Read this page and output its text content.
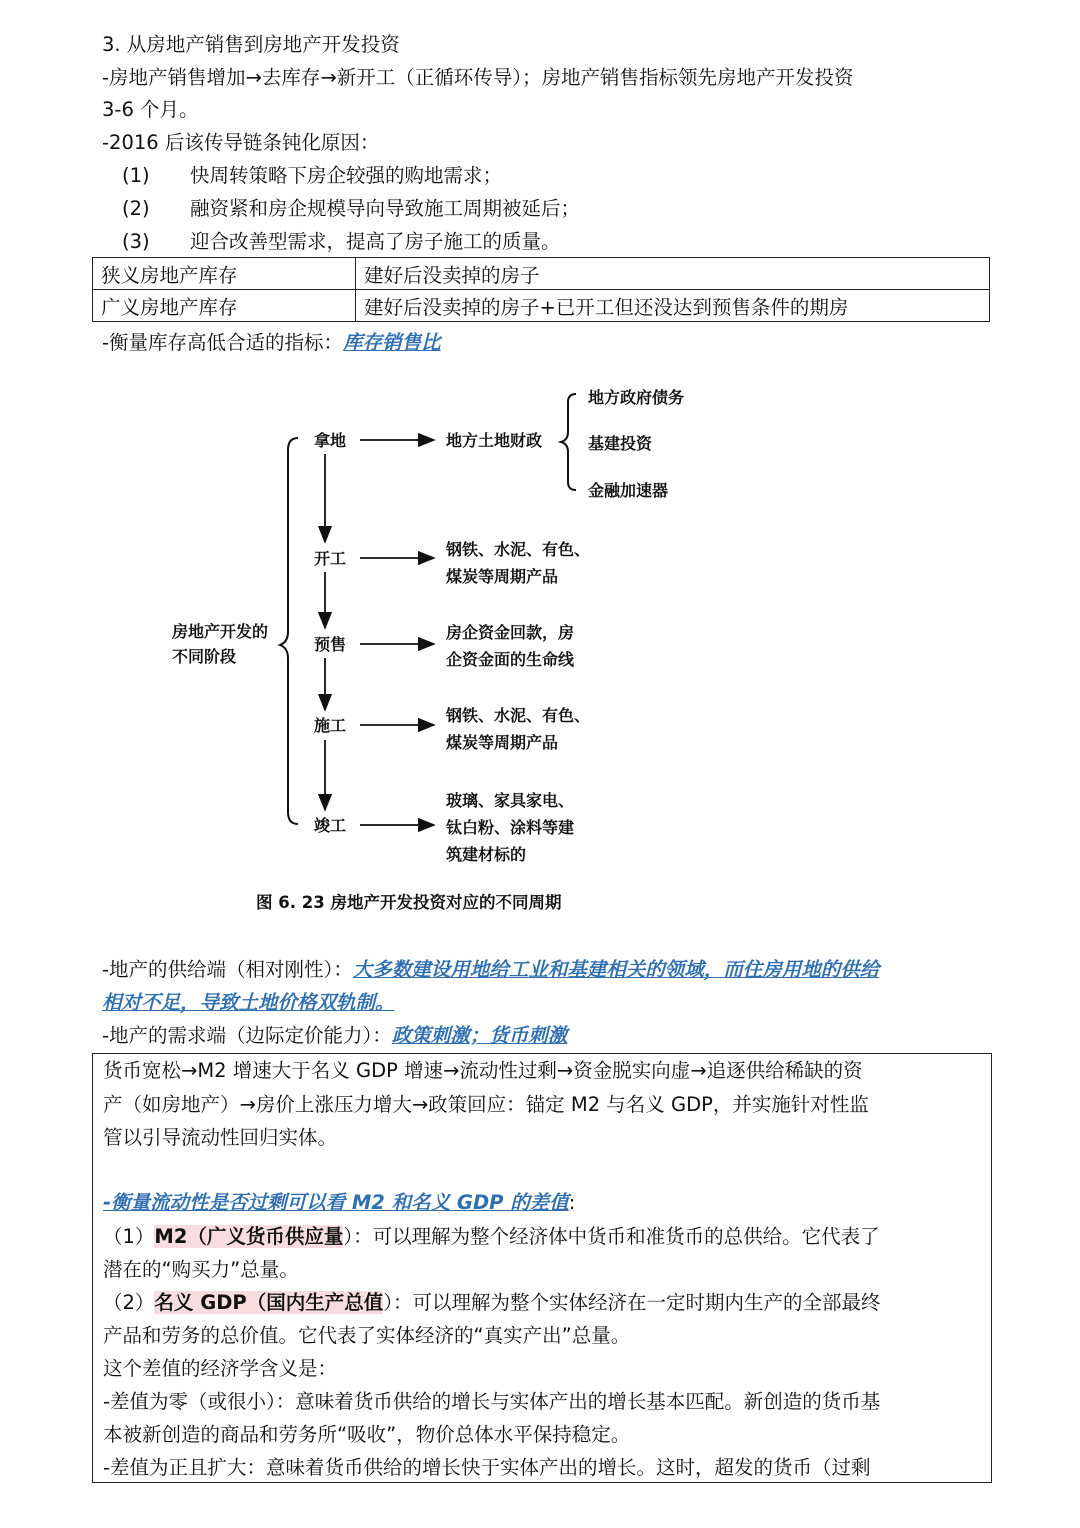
3. 从房地产销售到房地产开发投资
-房地产销售增加→去库存→新开工（正循环传导）；房地产销售指标领先房地产开发投资
3-6 个月。
-2016 后该传导链条钝化原因：
(1) 快周转策略下房企较强的购地需求；
(2) 融资紧和房企规模导向导致施工周期被延后；
(3) 迎合改善型需求，提高了房子施工的质量。
狭义房地产库存	建好后没卖掉的房子
广义房地产库存	建好后没卖掉的房子+已开工但还没达到预售条件的期房
-衡量库存高低合适的指标：库存销售比
房地产开发的
不同阶段
拿地
开工
预售
施工
竣工
地方土地财政
地方政府债务
基建投资
金融加速器
钢铁、水泥、有色、
煤炭等周期产品
房企资金回款，房
企资金面的生命线
钢铁、水泥、有色、
煤炭等周期产品
玻璃、家具家电、
钛白粉、涂料等建
筑建材标的
图 6. 23 房地产开发投资对应的不同周期
-地产的供给端（相对刚性）：大多数建设用地给工业和基建相关的领域，而住房用地的供给
相对不足，导致土地价格双轨制。
-地产的需求端（边际定价能力）：政策刺激；货币刺激
货币宽松→M2 增速大于名义 GDP 增速→流动性过剩→资金脱实向虚→追逐供给稀缺的资
产（如房地产）→房价上涨压力增大→政策回应：锚定 M2 与名义 GDP，并实施针对性监
管以引导流动性回归实体。
-衡量流动性是否过剩可以看 M2 和名义 GDP 的差值:
（1）M2（广义货币供应量）：可以理解为整个经济体中货币和准货币的总供给。它代表了
潜在的“购买力”总量。
（2）名义 GDP（国内生产总值）：可以理解为整个实体经济在一定时期内生产的全部最终
产品和劳务的总价值。它代表了实体经济的“真实产出”总量。
这个差值的经济学含义是：
-差值为零（或很小）：意味着货币供给的增长与实体产出的增长基本匹配。新创造的货币基
本被新创造的商品和劳务所“吸收”，物价总体水平保持稳定。
-差值为正且扩大：意味着货币供给的增长快于实体产出的增长。这时，超发的货币（过剩
